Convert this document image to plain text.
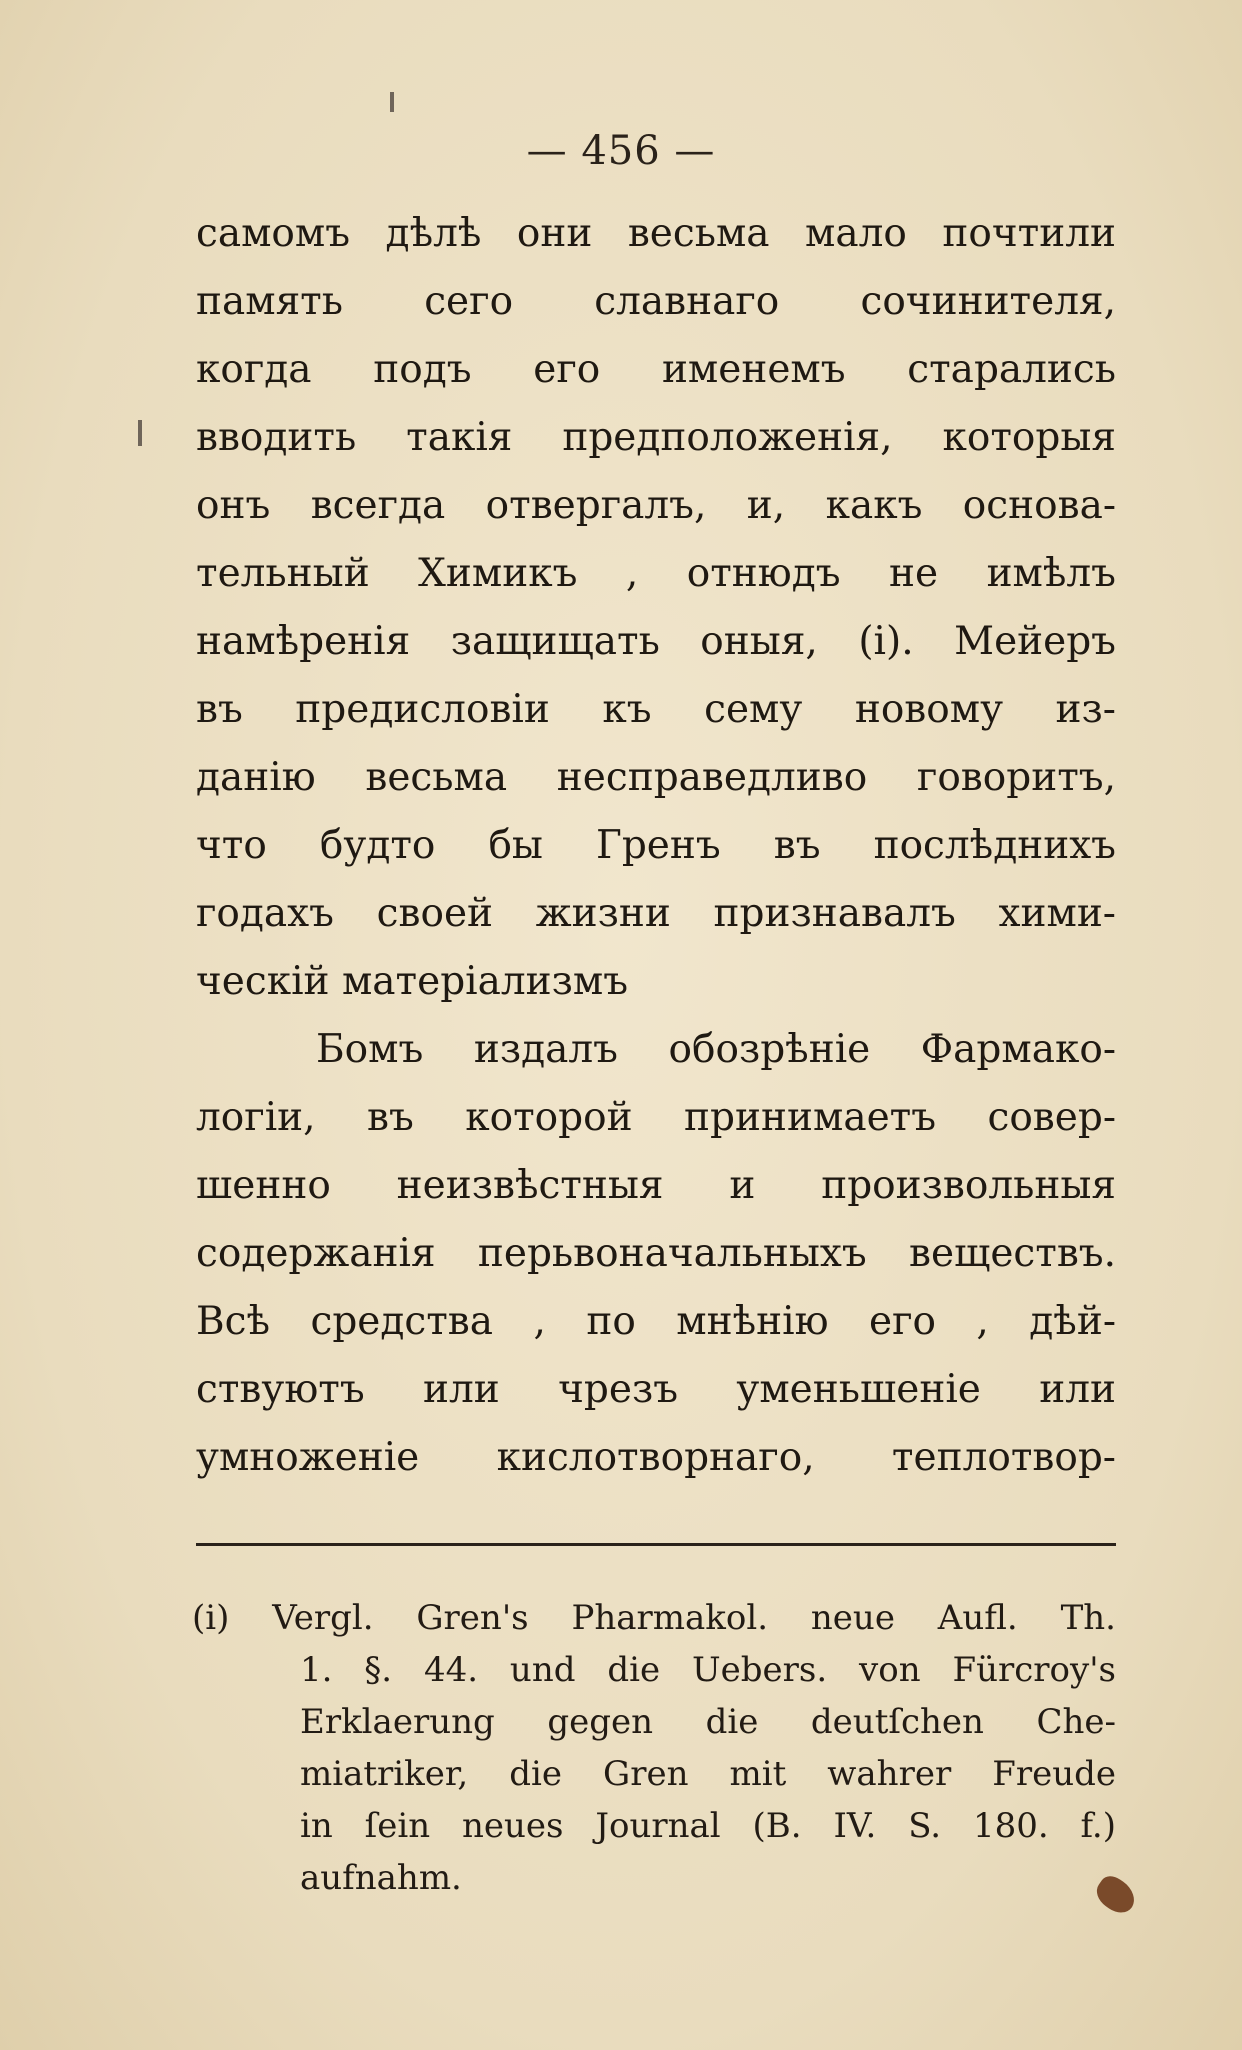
— 456 —
самомъ дѣлѣ они весьма мало почтили
память сего славнаго сочинителя,
когда подъ его именемъ старались
вводить такія предположенія, которыя
онъ всегда отвергалъ, и, какъ основа-
тельный Химикъ , отнюдъ не имѣлъ
намѣренія защищать оныя, (i). Мейеръ
въ предисловіи къ сему новому из-
данію весьма несправедливо говоритъ,
что будто бы Гренъ въ послѣднихъ
годахъ своей жизни признавалъ хими-
ческій матеріализмъ
Бомъ издалъ обозрѣніе Фармако-
логіи, въ которой принимаетъ совер-
шенно неизвѣстныя и произвольныя
содержанія перьвоначальныхъ веществъ.
Всѣ средства , по мнѣнію его , дѣй-
ствуютъ или чрезъ уменьшеніе или
умноженіе кислотворнаго, теплотвор-
(i) Vergl. Gren's Pharmakol. neue Aufl. Th.
1. §. 44. und die Uebers. von Fürcroy's
Erklaerung gegen die deutſchen Che-
miatriker, die Gren mit wahrer Freude
in ſein neues Journal (B. IV. S. 180. f.)
aufnahm.
